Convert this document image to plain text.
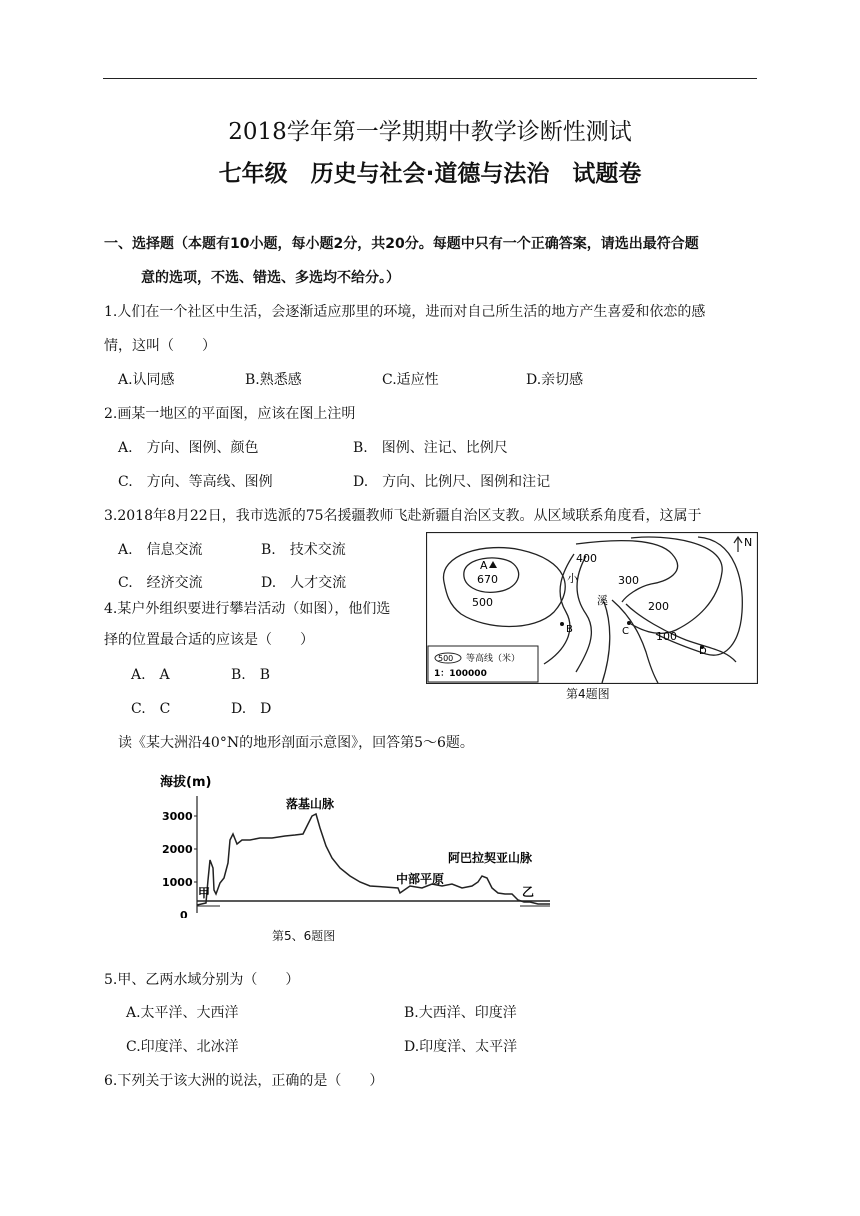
2018学年第一学期期中教学诊断性测试
七年级　历史与社会·道德与法治　试题卷
一、选择题（本题有10小题，每小题2分，共20分。每题中只有一个正确答案，请选出最符合题
意的选项，不选、错选、多选均不给分。）
1.人们在一个社区中生活，会逐渐适应那里的环境，进而对自己所生活的地方产生喜爱和依恋的感
情，这叫（　　）
A.认同感	B.熟悉感	C.适应性	D.亲切感
2.画某一地区的平面图，应该在图上注明
A.　方向、图例、颜色	B.　图例、注记、比例尺
C.　方向、等高线、图例	D.　方向、比例尺、图例和注记
3.2018年8月22日，我市选派的75名援疆教师飞赴新疆自治区支教。从区域联系角度看，这属于
A.　信息交流	B.　技术交流
C.　经济交流	D.　人才交流
4.某户外组织要进行攀岩活动（如图），他们选
择的位置最合适的应该是（　　）
A.　A	B.　B
C.　C	D.　D
N
A
670
400
300
200
100
500
小
溪
B	C
D
500 等高线（米）
1：100000
第4题图
读《某大洲沿40°N的地形剖面示意图》，回答第5～6题。
海拔(m)
3000
2000
1000
0
落基山脉
中部平原
阿巴拉契亚山脉
甲	乙
第5、6题图
5.甲、乙两水域分别为（　　）
A.太平洋、大西洋	B.大西洋、印度洋
C.印度洋、北冰洋	D.印度洋、太平洋
6.下列关于该大洲的说法，正确的是（　　）
